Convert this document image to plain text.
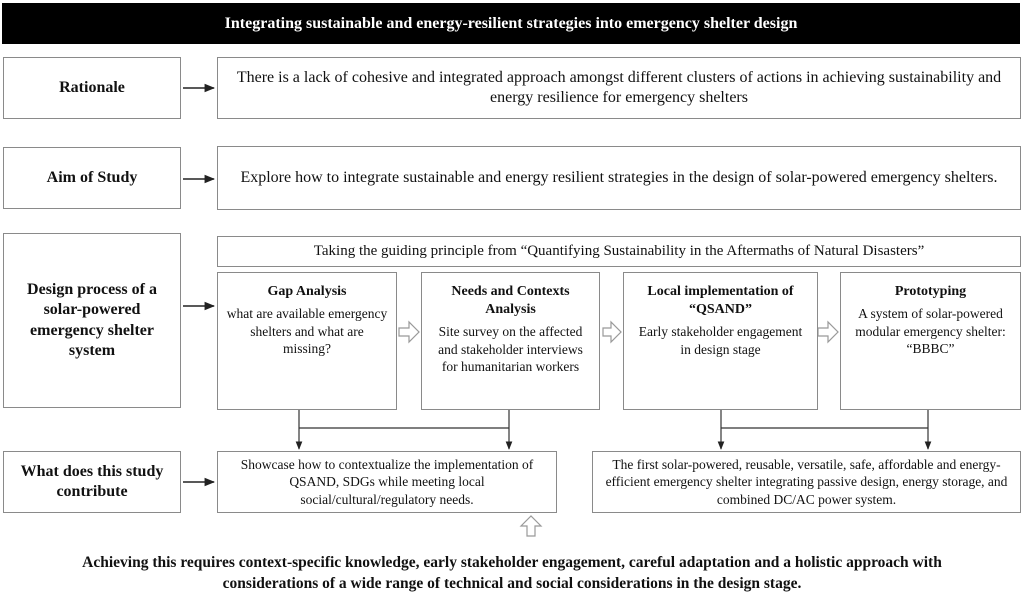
Integrating sustainable and energy-resilient strategies into emergency shelter design
Rationale
Aim of Study
Design process of a solar-powered emergency shelter system
What does this study contribute
There is a lack of cohesive and integrated approach amongst different clusters of actions in achieving sustainability and energy resilience for emergency shelters
Explore how to integrate sustainable and energy resilient strategies in the design of solar-powered emergency shelters.
Taking the guiding principle from “Quantifying Sustainability in the Aftermaths of Natural Disasters”
Gap Analysis
what are available emergency shelters and what are missing?
Needs and Contexts Analysis
Site survey on the affected and stakeholder interviews for humanitarian workers
Local implementation of “QSAND”
Early stakeholder engagement in design stage
Prototyping
A system of solar-powered modular emergency shelter: “BBBC”
Showcase how to contextualize the implementation of QSAND, SDGs while meeting local social/cultural/regulatory needs.
The first solar-powered, reusable, versatile, safe, affordable and energy-efficient emergency shelter integrating passive design, energy storage, and combined DC/AC power system.
Achieving this requires context-specific knowledge, early stakeholder engagement, careful adaptation and a holistic approach with considerations of a wide range of technical and social considerations in the design stage.
